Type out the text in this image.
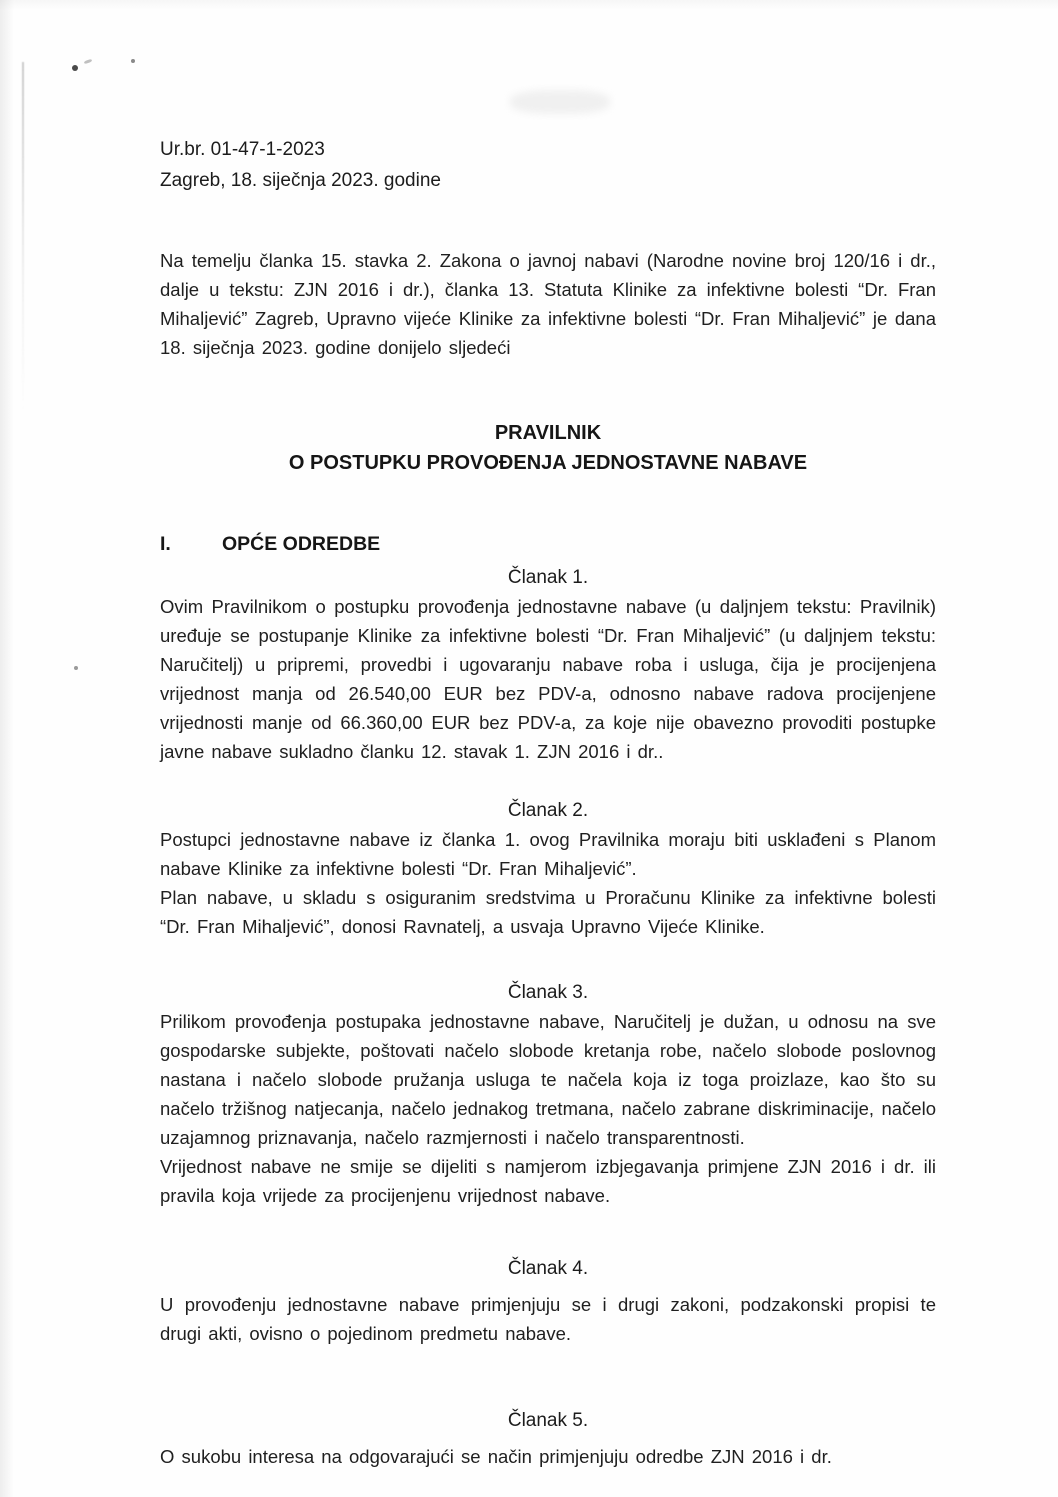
Ur.br. 01-47-1-2023
Zagreb, 18. siječnja 2023. godine

Na temelju članka 15. stavka 2. Zakona o javnoj nabavi (Narodne novine broj 120/16 i dr., dalje u tekstu: ZJN 2016 i dr.), članka 13. Statuta Klinike za infektivne bolesti “Dr. Fran Mihaljević” Zagreb, Upravno vijeće Klinike za infektivne bolesti “Dr. Fran Mihaljević” je dana 18. siječnja 2023. godine donijelo sljedeći

PRAVILNIK
O POSTUPKU PROVOĐENJA JEDNOSTAVNE NABAVE
I.	OPĆE ODREDBE
Članak 1.

Ovim Pravilnikom o postupku provođenja jednostavne nabave (u daljnjem tekstu: Pravilnik) uređuje se postupanje Klinike za infektivne bolesti “Dr. Fran Mihaljević” (u daljnjem tekstu: Naručitelj) u pripremi, provedbi i ugovaranju nabave roba i usluga, čija je procijenjena vrijednost manja od 26.540,00 EUR bez PDV-a, odnosno nabave radova procijenjene vrijednosti manje od 66.360,00 EUR bez PDV-a, za koje nije obavezno provoditi postupke javne nabave sukladno članku 12. stavak 1. ZJN 2016 i dr..

Članak 2.

Postupci jednostavne nabave iz članka 1. ovog Pravilnika moraju biti usklađeni s Planom nabave Klinike za infektivne bolesti “Dr. Fran Mihaljević”.

Plan nabave, u skladu s osiguranim sredstvima u Proračunu Klinike za infektivne bolesti “Dr. Fran Mihaljević”, donosi Ravnatelj, a usvaja Upravno Vijeće Klinike.

Članak 3.

Prilikom provođenja postupaka jednostavne nabave, Naručitelj je dužan, u odnosu na sve gospodarske subjekte, poštovati načelo slobode kretanja robe, načelo slobode poslovnog nastana i načelo slobode pružanja usluga te načela koja iz toga proizlaze, kao što su načelo tržišnog natjecanja, načelo jednakog tretmana, načelo zabrane diskriminacije, načelo uzajamnog priznavanja, načelo razmjernosti i načelo transparentnosti.

Vrijednost nabave ne smije se dijeliti s namjerom izbjegavanja primjene ZJN 2016 i dr. ili pravila koja vrijede za procijenjenu vrijednost nabave.

Članak 4.

U provođenju jednostavne nabave primjenjuju se i drugi zakoni, podzakonski propisi te drugi akti, ovisno o pojedinom predmetu nabave.

Članak 5.

O sukobu interesa na odgovarajući se način primjenjuju odredbe ZJN 2016 i dr.
